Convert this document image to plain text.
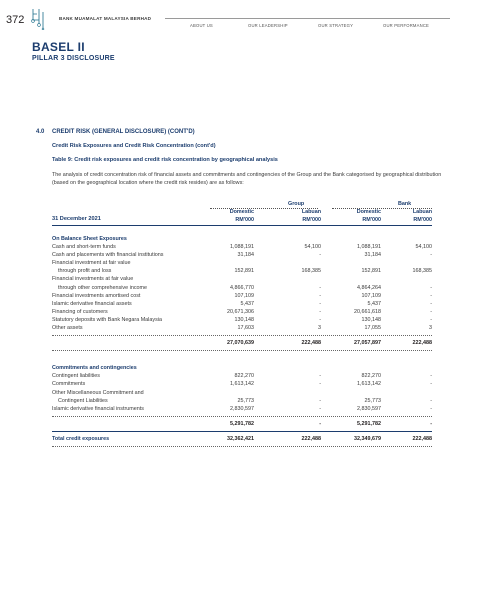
372	BANK MUAMALAT MALAYSIA BERHAD
ABOUT US	OUR LEADERSHIP	OUR STRATEGY	OUR PERFORMANCE
BASEL II
PILLAR 3 DISCLOSURE
4.0 CREDIT RISK (GENERAL DISCLOSURE) (CONT'D)
Credit Risk Exposures and Credit Risk Concentration (cont'd)
Table 9: Credit risk exposures and credit risk concentration by geographical analysis
The analysis of credit concentration risk of financial assets and commitments and contingencies of the Group and the Bank categorised by geographical distribution (based on the geographical location where the credit risk resides) are as follows:
Group	Bank
Domestic	Labuan	Domestic	Labuan
RM'000	RM'000	RM'000	RM'000
31 December 2021
On Balance Sheet Exposures
Cash and short-term funds	1,088,191	54,100	1,088,191	54,100
Cash and placements with financial institutions	31,184	-	31,184	-
Financial investment at fair value
through profit and loss	152,891	168,385	152,891	168,385
Financial investments at fair value
through other comprehensive income	4,866,770	-	4,864,264	-
Financial investments amortised cost	107,109	-	107,109	-
Islamic derivative financial assets	5,437	-	5,437	-
Financing of customers	20,671,306	-	20,661,618	-
Statutory deposits with Bank Negara Malaysia	130,148	-	130,148	-
Other assets	17,603	3	17,055	3
27,070,639	222,488	27,057,897	222,488
Commitments and contingencies
Contingent liabilities	822,270	-	822,270	-
Commitments	1,613,142	-	1,613,142	-
Other Miscellaneous Commitment and
Contingent Liabilities	25,773	-	25,773	-
Islamic derivative financial instruments	2,830,597	-	2,830,597	-
5,291,782	-	5,291,782	-
Total credit exposures	32,362,421	222,488	32,349,679	222,488
